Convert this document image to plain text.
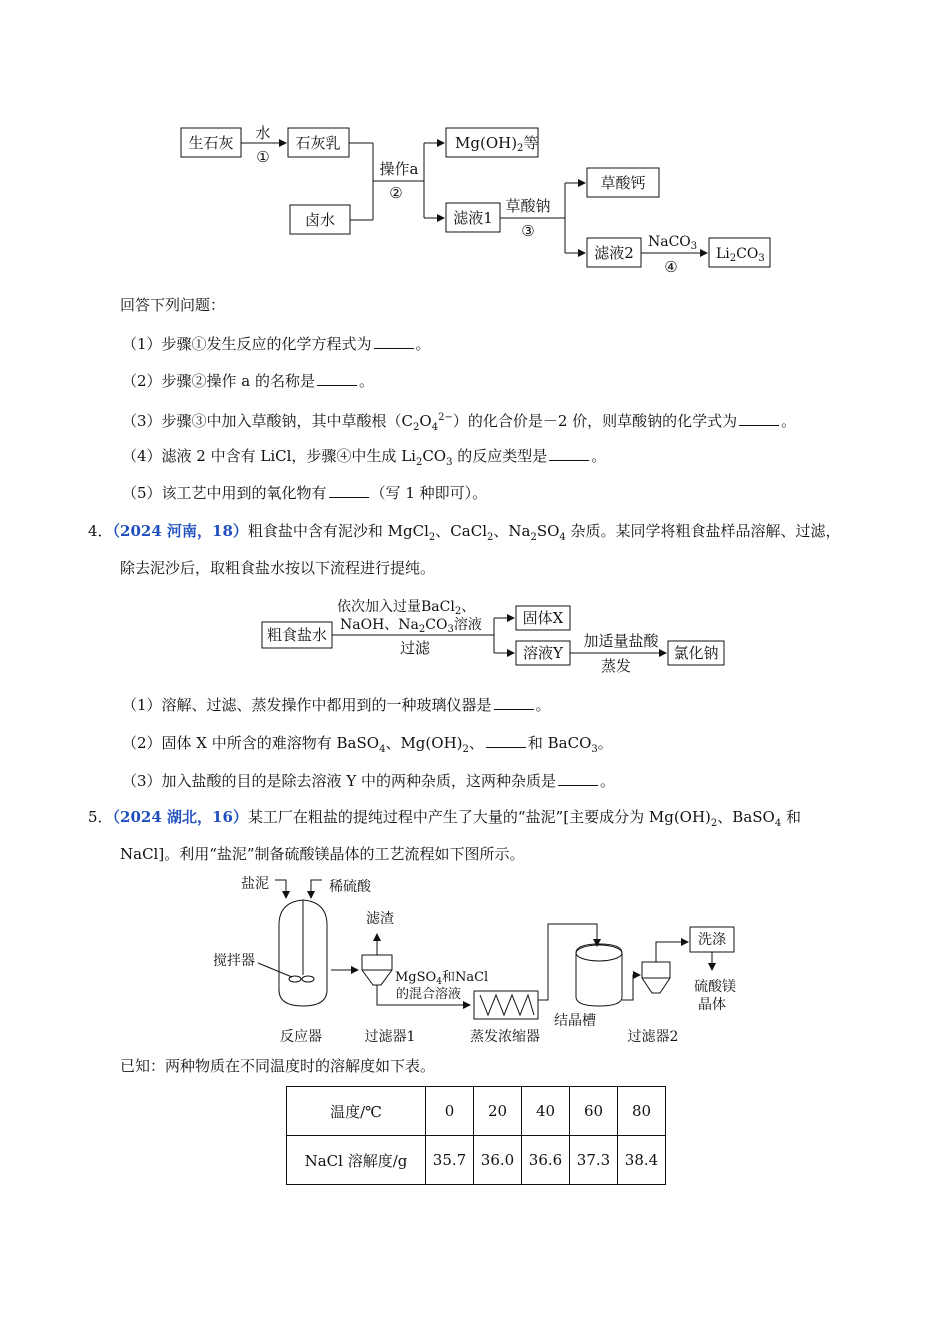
生石灰
水
①
石灰乳
卤水
操作a
②
$Mg(OH)_2$等
滤液1
草酸钠
③
草酸钙
滤液2
NaCO$_3$
④
$Li_2CO_3$
回答下列问题：
（1）步骤①发生反应的化学方程式为	。
（2）步骤②操作 a 的名称是	。
（3）步骤③中加入草酸钠，其中草酸根$(C_2O_4^{2-})$的化合价是－2 价，则草酸钠的化学式为	。
（4）滤液 2 中含有 LiCl，步骤④中生成 $Li_2CO_3$ 的反应类型是	。
（5）该工艺中用到的氧化物有	（写 1 种即可）。
4．（2024 河南，18）粗食盐中含有泥沙和 MgCl$_2$、CaCl$_2$、$Na_2SO_4$ 杂质。某同学将粗食盐样品溶解、过滤，
除去泥沙后，取粗食盐水按以下流程进行提纯。
粗食盐水
依次加入过量BaCl$_2$、
NaOH、$Na_2CO_3$溶液
过滤
固体X
溶液Y
加适量盐酸
蒸发
氯化钠
（1）溶解、过滤、蒸发操作中都用到的一种玻璃仪器是	。
（2）固体 X 中所含的难溶物有 BaSO$_4$、$Mg(OH)_2$、	和 BaCO$_3$。
（3）加入盐酸的目的是除去溶液 Y 中的两种杂质，这两种杂质是	。
5．（2024 湖北，16）某工厂在粗盐的提纯过程中产生了大量的“盐泥”[主要成分为 $Mg(OH)_2$、BaSO$_4$ 和
NaCl]。利用“盐泥”制备硫酸镁晶体的工艺流程如下图所示。
盐泥	稀硫酸
搅拌器
反应器
滤渣
过滤器1
MgSO$_4$和NaCl
的混合溶液
蒸发浓缩器
结晶槽
过滤器2
洗涤
硫酸镁
晶体
已知：两种物质在不同温度时的溶解度如下表。
温度/℃	0	20	40	60	80
NaCl 溶解度/g	35.7	36.0	36.6	37.3	38.4
